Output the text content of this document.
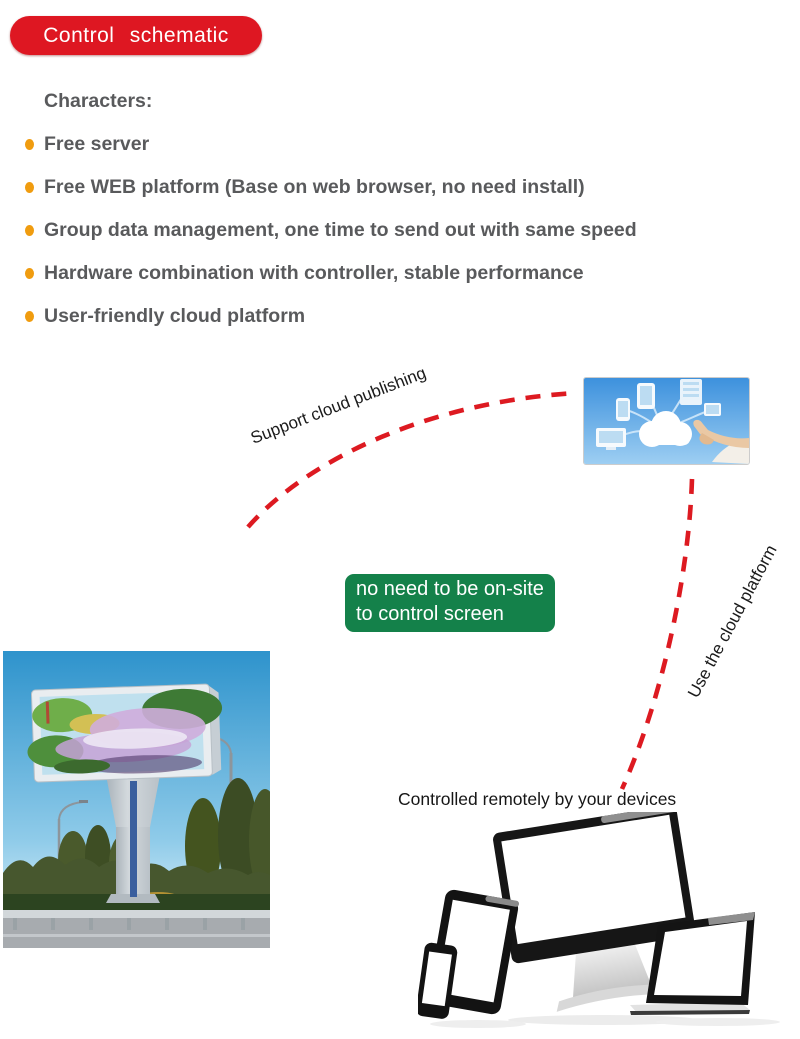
Control schematic
Characters:
Free server
Free WEB platform (Base on web browser, no need install)
Group data management, one time to send out with same speed
Hardware combination with controller, stable performance
User-friendly cloud platform
Support cloud publishing
Use the cloud platform
no need to be on-site
to control screen
Controlled remotely by your devices
